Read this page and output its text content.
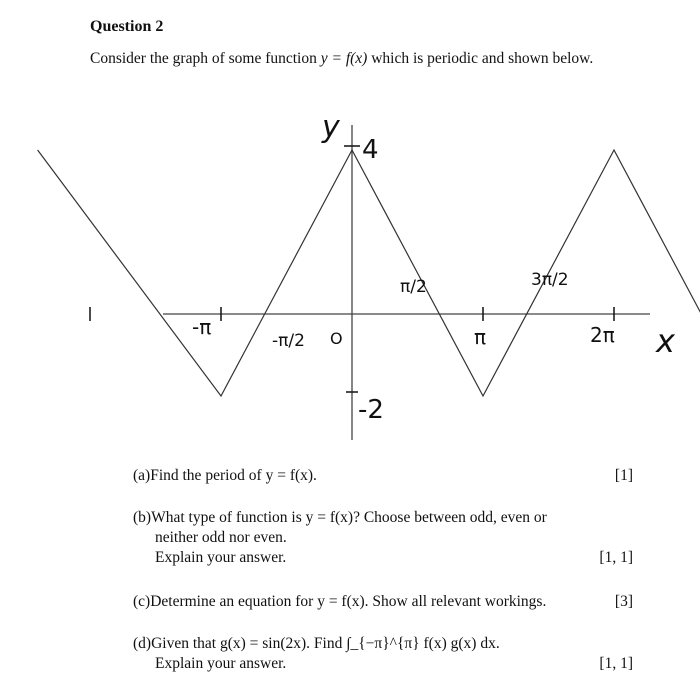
Question 2
Consider the graph of some function y = f(x) which is periodic and shown below.
y
x
4
-2
O
-π
-π/2
π/2
π
3π/2
2π
(a)Find the period of y = f(x).	[1]
(b)What type of function is y = f(x)? Choose between odd, even or
neither odd nor even.
Explain your answer.	[1, 1]
(c)Determine an equation for y = f(x). Show all relevant workings.	[3]
(d)Given that g(x) = sin(2x). Find ∫_{−π}^{π} f(x) g(x) dx.
Explain your answer.	[1, 1]
